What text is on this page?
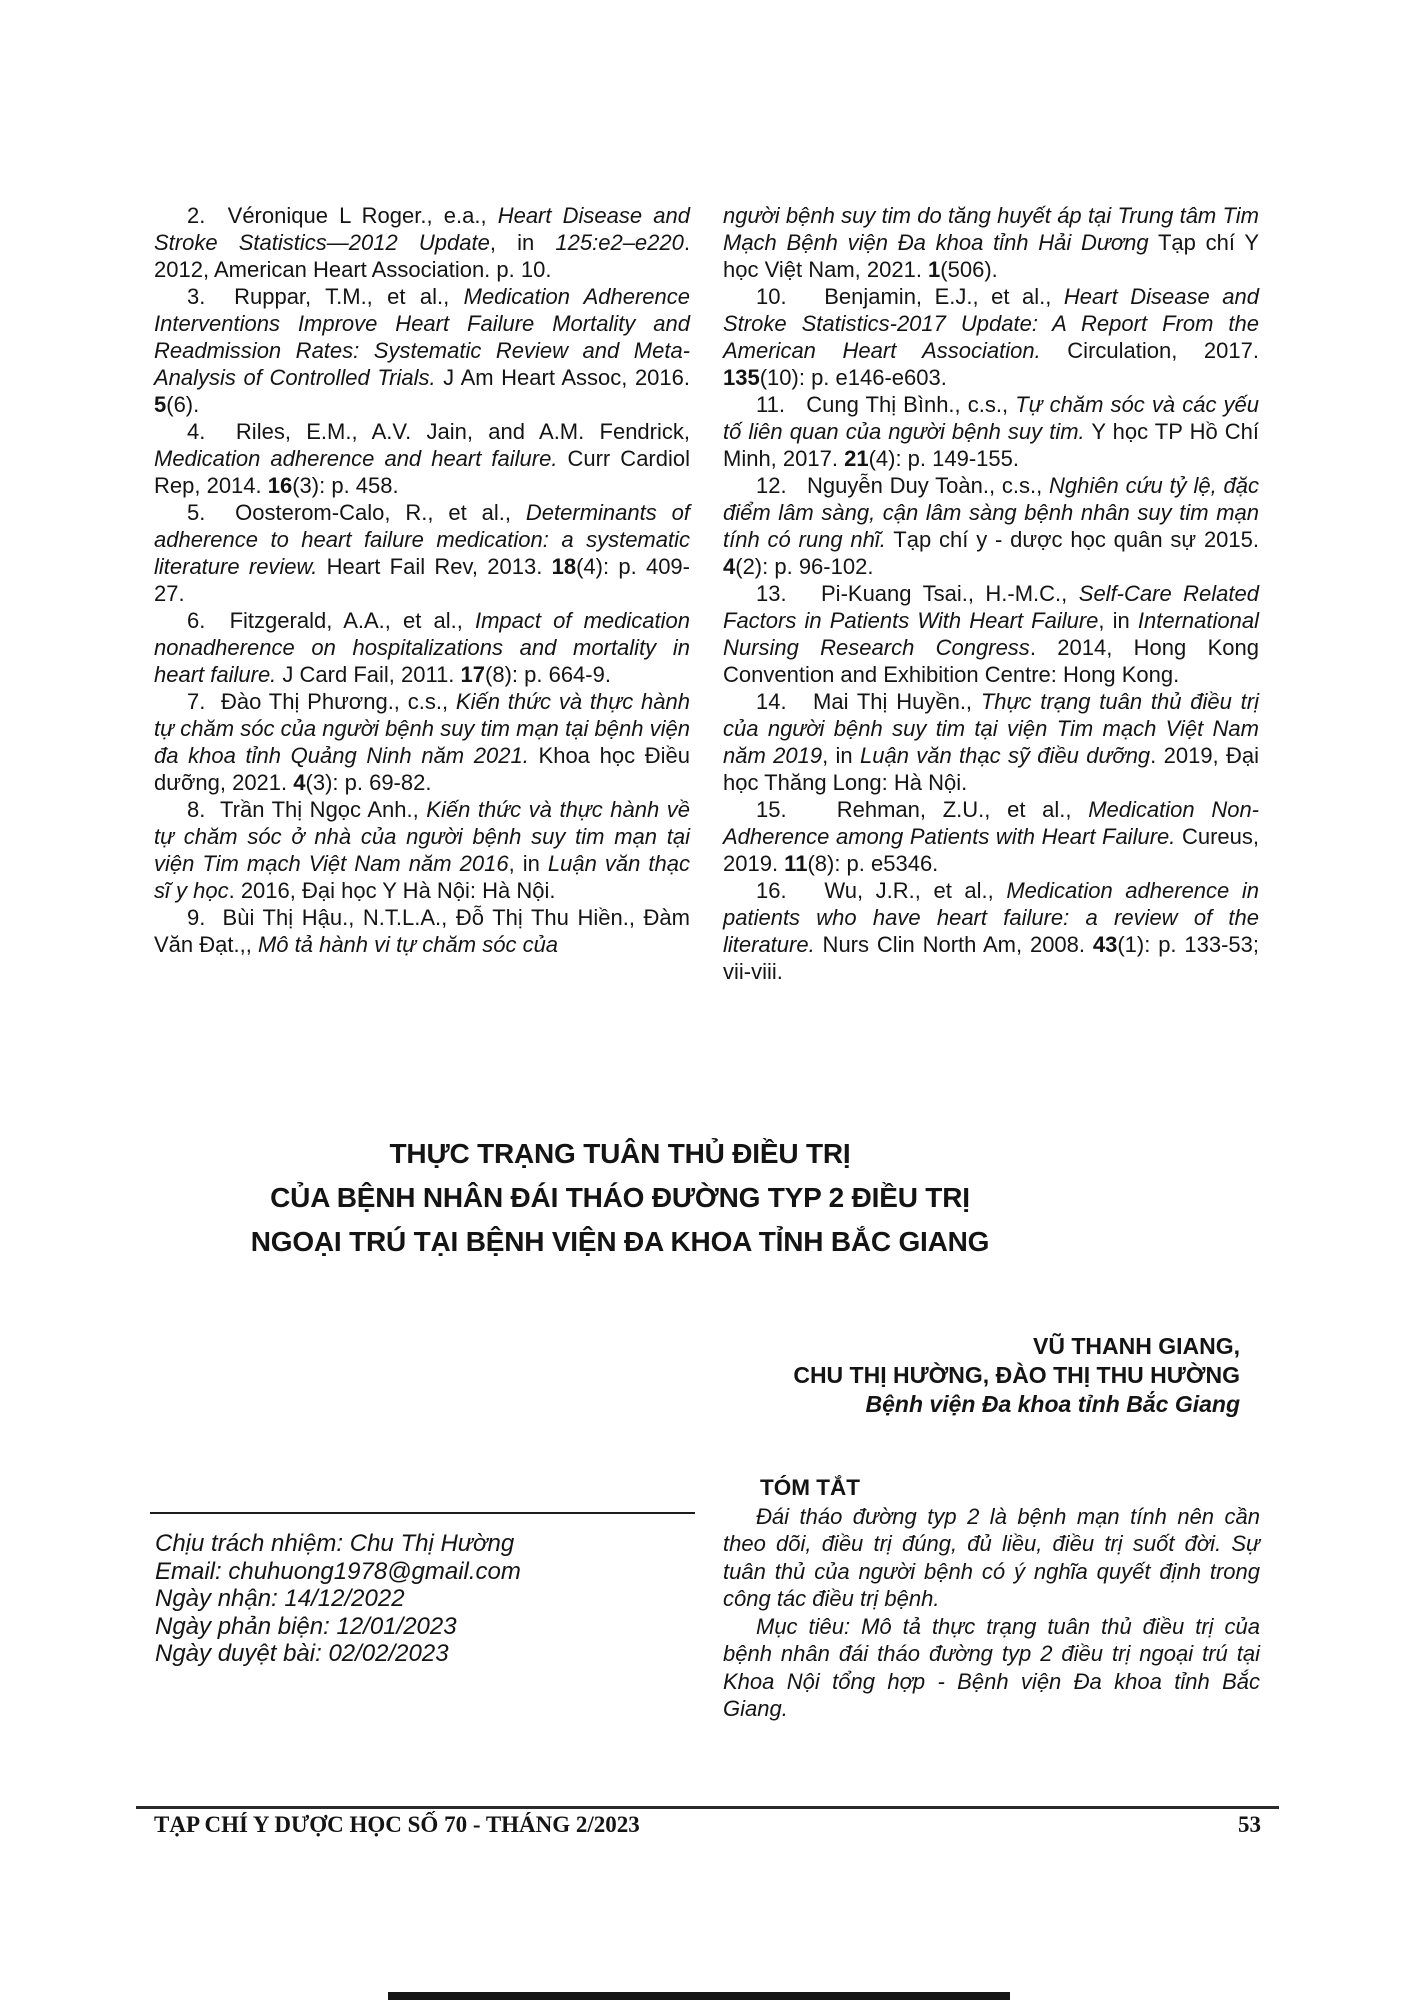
2.  Véronique L Roger., e.a., Heart Disease and Stroke Statistics—2012 Update, in 125:e2–e220. 2012, American Heart Association. p. 10.

3.  Ruppar, T.M., et al., Medication Adherence Interventions Improve Heart Failure Mortality and Readmission Rates: Systematic Review and Meta-Analysis of Controlled Trials. J Am Heart Assoc, 2016. 5(6).

4.  Riles, E.M., A.V. Jain, and A.M. Fendrick, Medication adherence and heart failure. Curr Cardiol Rep, 2014. 16(3): p. 458.

5.  Oosterom-Calo, R., et al., Determinants of adherence to heart failure medication: a systematic literature review. Heart Fail Rev, 2013. 18(4): p. 409-27.

6.  Fitzgerald, A.A., et al., Impact of medication nonadherence on hospitalizations and mortality in heart failure. J Card Fail, 2011. 17(8): p. 664-9.

7.  Đào Thị Phương., c.s., Kiến thức và thực hành tự chăm sóc của người bệnh suy tim mạn tại bệnh viện đa khoa tỉnh Quảng Ninh năm 2021. Khoa học Điều dưỡng, 2021. 4(3): p. 69-82.

8.  Trần Thị Ngọc Anh., Kiến thức và thực hành về tự chăm sóc ở nhà của người bệnh suy tim mạn tại viện Tim mạch Việt Nam năm 2016, in Luận văn thạc sĩ y học. 2016, Đại học Y Hà Nội: Hà Nội.

9.  Bùi Thị Hậu., N.T.L.A., Đỗ Thị Thu Hiền., Đàm Văn Đạt.,, Mô tả hành vi tự chăm sóc của

người bệnh suy tim do tăng huyết áp tại Trung tâm Tim Mạch Bệnh viện Đa khoa tỉnh Hải Dương Tạp chí Y học Việt Nam, 2021. 1(506).

10.   Benjamin, E.J., et al., Heart Disease and Stroke Statistics-2017 Update: A Report From the American Heart Association. Circulation, 2017. 135(10): p. e146-e603.

11.   Cung Thị Bình., c.s., Tự chăm sóc và các yếu tố liên quan của người bệnh suy tim. Y học TP Hồ Chí Minh, 2017. 21(4): p. 149-155.

12.   Nguyễn Duy Toàn., c.s., Nghiên cứu tỷ lệ, đặc điểm lâm sàng, cận lâm sàng bệnh nhân suy tim mạn tính có rung nhĩ. Tạp chí y - dược học quân sự 2015. 4(2): p. 96-102.

13.   Pi-Kuang Tsai., H.-M.C., Self-Care Related Factors in Patients With Heart Failure, in International Nursing Research Congress. 2014, Hong Kong Convention and Exhibition Centre: Hong Kong.

14.   Mai Thị Huyền., Thực trạng tuân thủ điều trị của người bệnh suy tim tại viện Tim mạch Việt Nam năm 2019, in Luận văn thạc sỹ điều dưỡng. 2019, Đại học Thăng Long: Hà Nội.

15.   Rehman, Z.U., et al., Medication Non-Adherence among Patients with Heart Failure. Cureus, 2019. 11(8): p. e5346.

16.   Wu, J.R., et al., Medication adherence in patients who have heart failure: a review of the literature. Nurs Clin North Am, 2008. 43(1): p. 133-53; vii-viii.

THỰC TRẠNG TUÂN THỦ ĐIỀU TRỊ
CỦA BỆNH NHÂN ĐÁI THÁO ĐƯỜNG TYP 2 ĐIỀU TRỊ
NGOẠI TRÚ TẠI BỆNH VIỆN ĐA KHOA TỈNH BẮC GIANG
VŨ THANH GIANG,
CHU THỊ HƯỜNG, ĐÀO THỊ THU HƯỜNG
Bệnh viện Đa khoa tỉnh Bắc Giang
Chịu trách nhiệm: Chu Thị Hường
Email: chuhuong1978@gmail.com
Ngày nhận: 14/12/2022
Ngày phản biện: 12/01/2023
Ngày duyệt bài: 02/02/2023
TÓM TẮT

Đái tháo đường typ 2 là bệnh mạn tính nên cần theo dõi, điều trị đúng, đủ liều, điều trị suốt đời. Sự tuân thủ của người bệnh có ý nghĩa quyết định trong công tác điều trị bệnh.

Mục tiêu: Mô tả thực trạng tuân thủ điều trị của bệnh nhân đái tháo đường typ 2 điều trị ngoại trú tại Khoa Nội tổng hợp - Bệnh viện Đa khoa tỉnh Bắc Giang.

TẠP CHÍ Y DƯỢC HỌC SỐ 70 - THÁNG 2/2023	53
